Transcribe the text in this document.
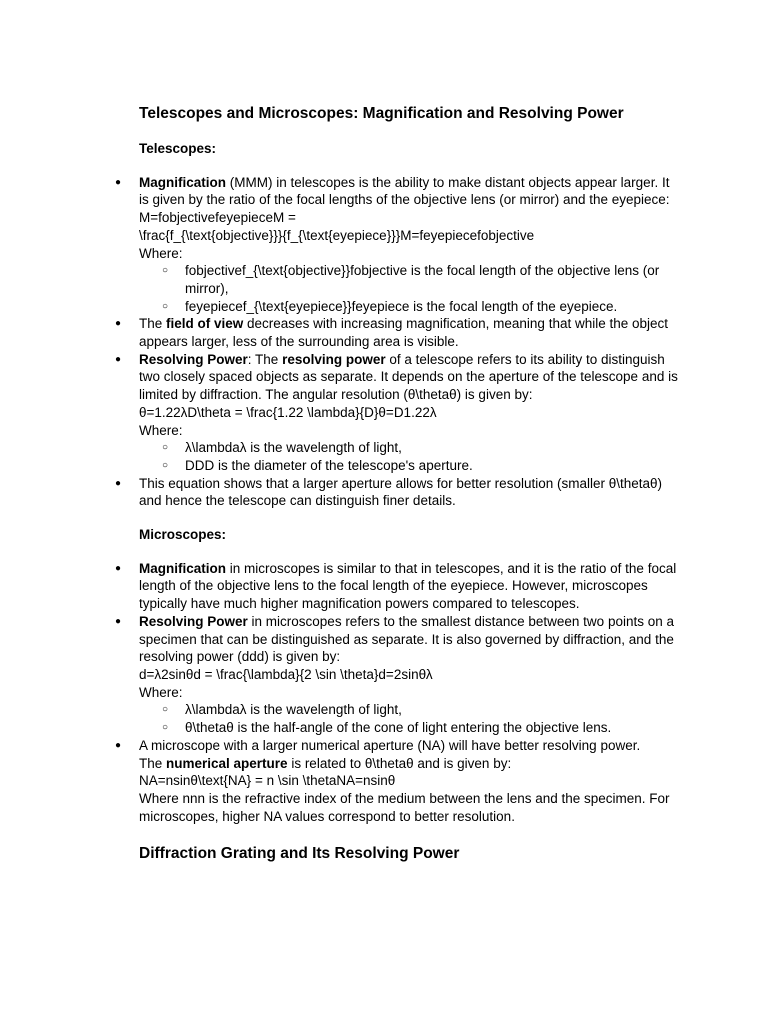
Telescopes and Microscopes: Magnification and Resolving Power

Telescopes:

● Magnification (MMM) in telescopes is the ability to make distant objects appear larger. It is given by the ratio of the focal lengths of the objective lens (or mirror) and the eyepiece:
M=fobjectivefeyepieceM =
\frac{f_{\text{objective}}}{f_{\text{eyepiece}}}M=feyepiecefobjective
Where:
○ fobjectivef_{\text{objective}}fobjective is the focal length of the objective lens (or mirror),
○ feyepiecef_{\text{eyepiece}}feyepiece is the focal length of the eyepiece.
● The field of view decreases with increasing magnification, meaning that while the object appears larger, less of the surrounding area is visible.
● Resolving Power: The resolving power of a telescope refers to its ability to distinguish two closely spaced objects as separate. It depends on the aperture of the telescope and is limited by diffraction. The angular resolution (θ\thetaθ) is given by:
θ=1.22λD\theta = \frac{1.22 \lambda}{D}θ=D1.22λ
Where:
○ λ\lambdaλ is the wavelength of light,
○ DDD is the diameter of the telescope's aperture.
● This equation shows that a larger aperture allows for better resolution (smaller θ\thetaθ) and hence the telescope can distinguish finer details.

Microscopes:

● Magnification in microscopes is similar to that in telescopes, and it is the ratio of the focal length of the objective lens to the focal length of the eyepiece. However, microscopes typically have much higher magnification powers compared to telescopes.
● Resolving Power in microscopes refers to the smallest distance between two points on a specimen that can be distinguished as separate. It is also governed by diffraction, and the resolving power (ddd) is given by:
d=λ2sinθd = \frac{\lambda}{2 \sin \theta}d=2sinθλ
Where:
○ λ\lambdaλ is the wavelength of light,
○ θ\thetaθ is the half-angle of the cone of light entering the objective lens.
● A microscope with a larger numerical aperture (NA) will have better resolving power.
The numerical aperture is related to θ\thetaθ and is given by:
NA=nsinθ\text{NA} = n \sin \thetaNA=nsinθ
Where nnn is the refractive index of the medium between the lens and the specimen. For microscopes, higher NA values correspond to better resolution.
Diffraction Grating and Its Resolving Power
